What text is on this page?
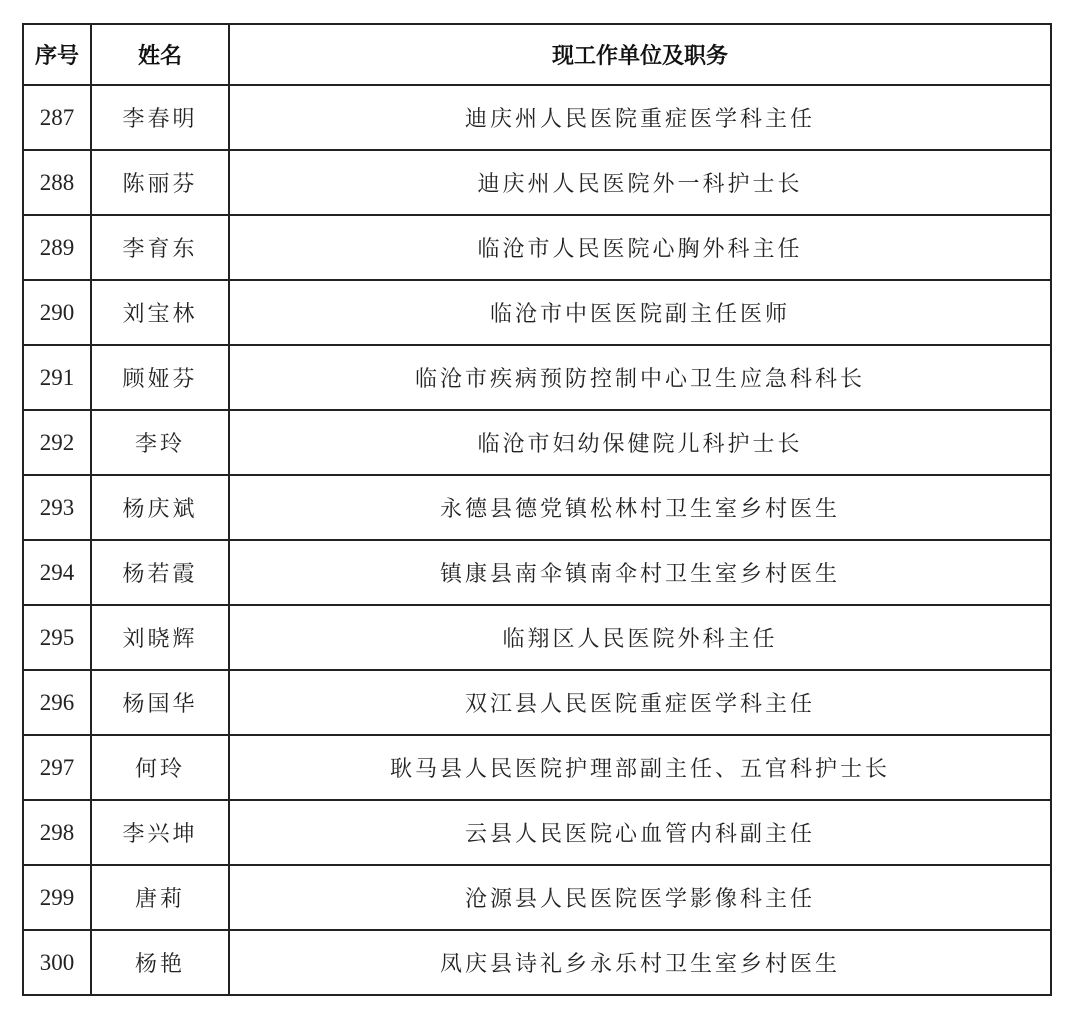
序号	姓名	现工作单位及职务
287	李春明	迪庆州人民医院重症医学科主任
288	陈丽芬	迪庆州人民医院外一科护士长
289	李育东	临沧市人民医院心胸外科主任
290	刘宝林	临沧市中医医院副主任医师
291	顾娅芬	临沧市疾病预防控制中心卫生应急科科长
292	李玲	临沧市妇幼保健院儿科护士长
293	杨庆斌	永德县德党镇松林村卫生室乡村医生
294	杨若霞	镇康县南伞镇南伞村卫生室乡村医生
295	刘晓辉	临翔区人民医院外科主任
296	杨国华	双江县人民医院重症医学科主任
297	何玲	耿马县人民医院护理部副主任、五官科护士长
298	李兴坤	云县人民医院心血管内科副主任
299	唐莉	沧源县人民医院医学影像科主任
300	杨艳	凤庆县诗礼乡永乐村卫生室乡村医生
